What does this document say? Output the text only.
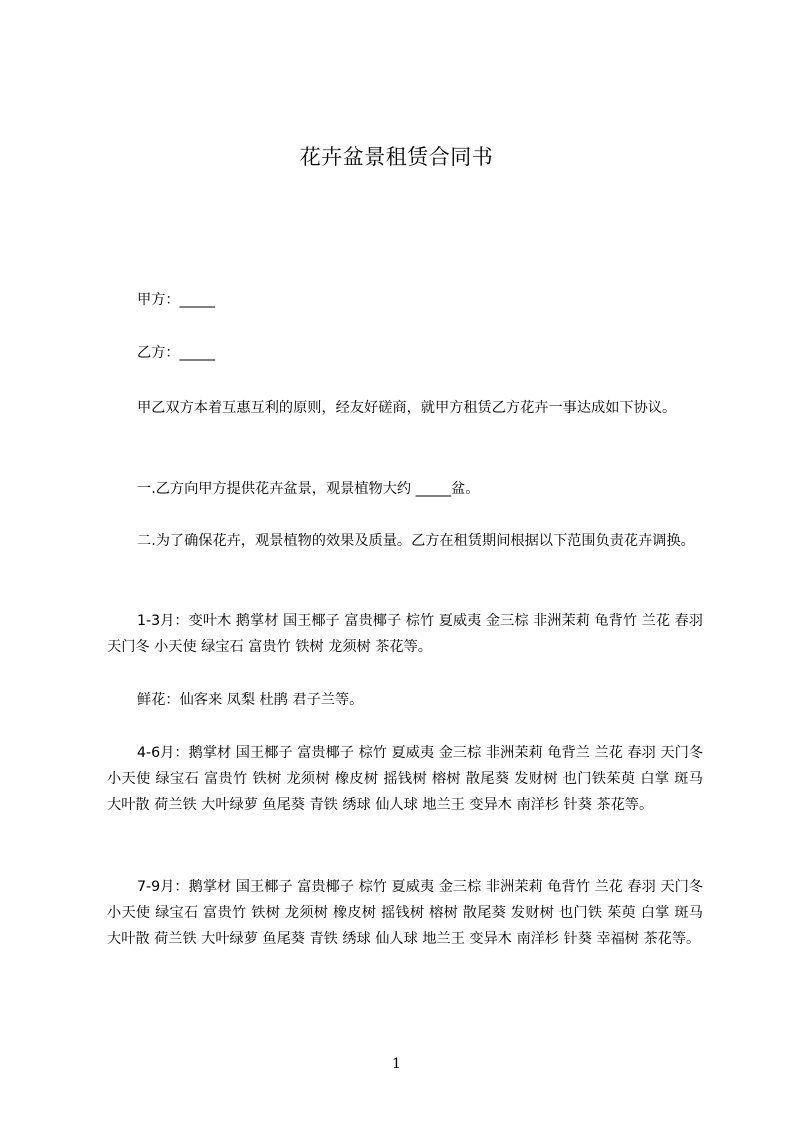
花卉盆景租赁合同书

甲方：_____

乙方：_____

甲乙双方本着互惠互利的原则，经友好磋商，就甲方租赁乙方花卉一事达成如下协议。

一.乙方向甲方提供花卉盆景，观景植物大约 _____盆。

二.为了确保花卉，观景植物的效果及质量。乙方在租赁期间根据以下范围负责花卉调换。

1-3月：变叶木 鹅掌材 国王椰子 富贵椰子 棕竹 夏威夷 金三棕 非洲茉莉 龟背竹 兰花 春羽 天门冬 小天使 绿宝石 富贵竹 铁树 龙须树 茶花等。

鲜花：仙客来 凤梨 杜鹃 君子兰等。

4-6月：鹅掌材 国王椰子 富贵椰子 棕竹 夏威夷 金三棕 非洲茉莉 龟背兰 兰花 春羽 天门冬 小天使 绿宝石 富贵竹 铁树 龙须树 橡皮树 摇钱树 榕树 散尾葵 发财树 也门铁茱萸 白掌 斑马 大叶散 荷兰铁 大叶绿萝 鱼尾葵 青铁 绣球 仙人球 地兰王 变异木 南洋杉 针葵 茶花等。

7-9月：鹅掌材 国王椰子 富贵椰子 棕竹 夏威夷 金三棕 非洲茉莉 龟背竹 兰花 春羽 天门冬 小天使 绿宝石 富贵竹 铁树 龙须树 橡皮树 摇钱树 榕树 散尾葵 发财树 也门铁 茱萸 白掌 斑马 大叶散 荷兰铁 大叶绿萝 鱼尾葵 青铁 绣球 仙人球 地兰王 变异木 南洋杉 针葵 幸福树 茶花等。

1
